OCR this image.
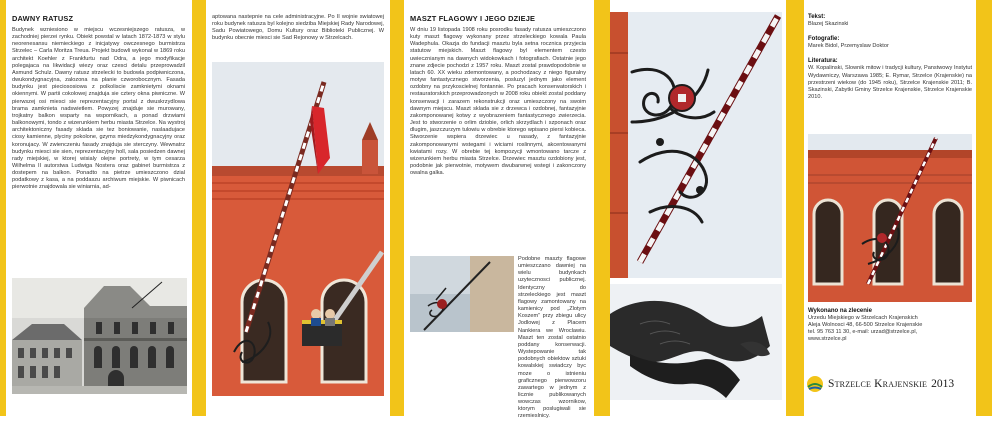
DAWNY RATUSZ

Budynek wzniesiono w miejscu wczesniejszego ratusza, w zachodniej pierzei rynku. Obiekt powstal w latach 1872-1873 w stylu neorenesansu niemieckiego z inicjatywy owczesnego burmistrza Strzelec – Carla Moritza Treua. Projekt budowli wykonal w 1869 roku architekt Koehler z Frankfurtu nad Odra, a jego modyfikacje polegajaca na likwidacji wiezy oraz czesci detalu przeprowadzil Asmund Schulz. Dawny ratusz strzelecki to budowla podpiwniczona, dwukondygnacyjna, zalozona na planie czworobocznym. Fasada budynku jest pieciososiowa z polkoliscie zamknietymi oknami okiennymi. W partii cokolowej znajduja sie cztery okna piwniczne. W pierwszej osi miesci sie reprezentacyjny portal z dwuskrzydlowa brama zamknieta nadswietlem. Powyzej znajduje sie murowany, trojkatny balkon wsparty na wspornikach, a ponad drzwiami balkonowymi, tondo z wizerunkiem herbu miasta Strzelce. Na wystroj architektoniczny fasady sklada sie tez boniowanie, naslaadujace ciosy kamienne, plyciny pokolone, gzyms miedzykondygnacyjny oraz koronujacy. W zwienczeniu fasady znajduja sie sterczyny. Wewnatrz budynku miesci sie sien, reprezentacyjny holl, sala posiedzen dawnej rady miejskiej, w ktorej wisialy olejne portrety, w tym cesarza Wilhelma II autorstwa Ludwiga Nostera oraz gabinet burmistrza z dostepem na balkon. Ponadto na pietrze umieszczono dzial podatkowy z kasa, a na poddaszu archiwum miejskie. W piwnicach pierwotnie znajdowala sie winiarnia, ad-

aptowana nastepnie na cele administracyjne. Po II wojnie swiatowej roku budynek ratusza byl kolejno siedziba Miejskiej Rady Narodowej, Sadu Powiatowego, Domu Kultury oraz Biblioteki Publicznej. W budynku obecnie miesci sie Sad Rejonowy w Strzelcach.

MASZT FLAGOWY I JEGO DZIEJE

W dniu 19 listopada 1908 roku posrodku fasady ratusza umieszczono kuty maszt flagowy wykonany przez strzeleckiego kowala Paula Wadephula. Okazja do fundacji masztu byla setna rocznica przyjecia statutow miejskich. Maszt flagowy byl elementem czesto uwiecznianym na dawnych widokowkach i fotografiach. Ostatnie jego znane zdjecie pochodzi z 1957 roku. Maszt zostal prawdopodobnie w latach 60. XX wieku zdemontowany, a pochodzacy z niego figuralny motyw fantastycznego stworzenia, posluzyl jednym jako element ozdobny na przykoscielnej fontannie. Po pracach konserwatorskich i restauratorskich przeprowadzonych w 2008 roku obiekt zostal poddany konserwacji i zarazem rekonstrukcji oraz umieszczony na swoim dawnym miejscu. Maszt sklada sie z drzewca i ozdobnej, fantazyjnie zakomponowanej kotwy z wyobrazeniem fantastycznego zwierzecia. Jest to stworzenie o orlim dziobie, orlich skrzydlach i szponach oraz dlugim, jaszczurzym tulowiu w obrebie ktorego wpisano piersi kobieca. Stworzenie wspiera drzewiec u nasady, z fantazyjnie zakomponowanymi wstegami i wiciami roslinnymi, akcentowanymi kwiatami rozy. W obrebie tej kompozycji wmontowano tarcze z wizerunkiem herbu miasta Strzelce. Drzewiec masztu ozdobiony jest, podobnie jak pierwotnie, motywem dwubarwnej wstegi i zakonczony owalna galka.

Podobne maszty flagowe umieszczano dawniej na wielu budynkach uzytecznosci publicznej. Identyczny do strzeleckiego jest maszt flagowy zamontowany na kamienicy pod „Zlotym Koszem” przy zbiegu ulicy Jodlowej z Placem Nankiera we Wroclawiu. Maszt ten zostal ostatnio poddany konserwacji. Wystepowanie tak podobnych obiektow sztuki kowalskiej swiadczy byc moze o istnieniu graficznego pierwowzoru zawartego w jednym z licznie publikowanych wowczas wzornikow, ktorym poslugiwali sie rzemieslnicy.

Tekst:
Blazej Skazinski
Fotografie:
Marek Bidol, Przemyslaw Doktor
Literatura:

W. Kopalinski, Slownik mitow i tradycji kultury, Panstwowy Instytut Wydawniczy, Warszawa 1985; E. Rymar, Strzelce (Krajenskie) na przestrzeni wiekow (do 1945 roku), Strzelce Krajenskie 2011; B. Skazinski, Zabytki Gminy Strzelce Krajenskie, Strzelce Krajenskie 2010.

Wykonano na zlecenie
Urzedu Miejskiego w Strzelcach Krajenskich
Aleja Wolnosci 48, 66-500 Strzelce Krajenskie
tel. 95 763 11 30, e-mail: urzad@strzelce.pl,
www.strzelce.pl
Strzelce Krajenskie 2013
